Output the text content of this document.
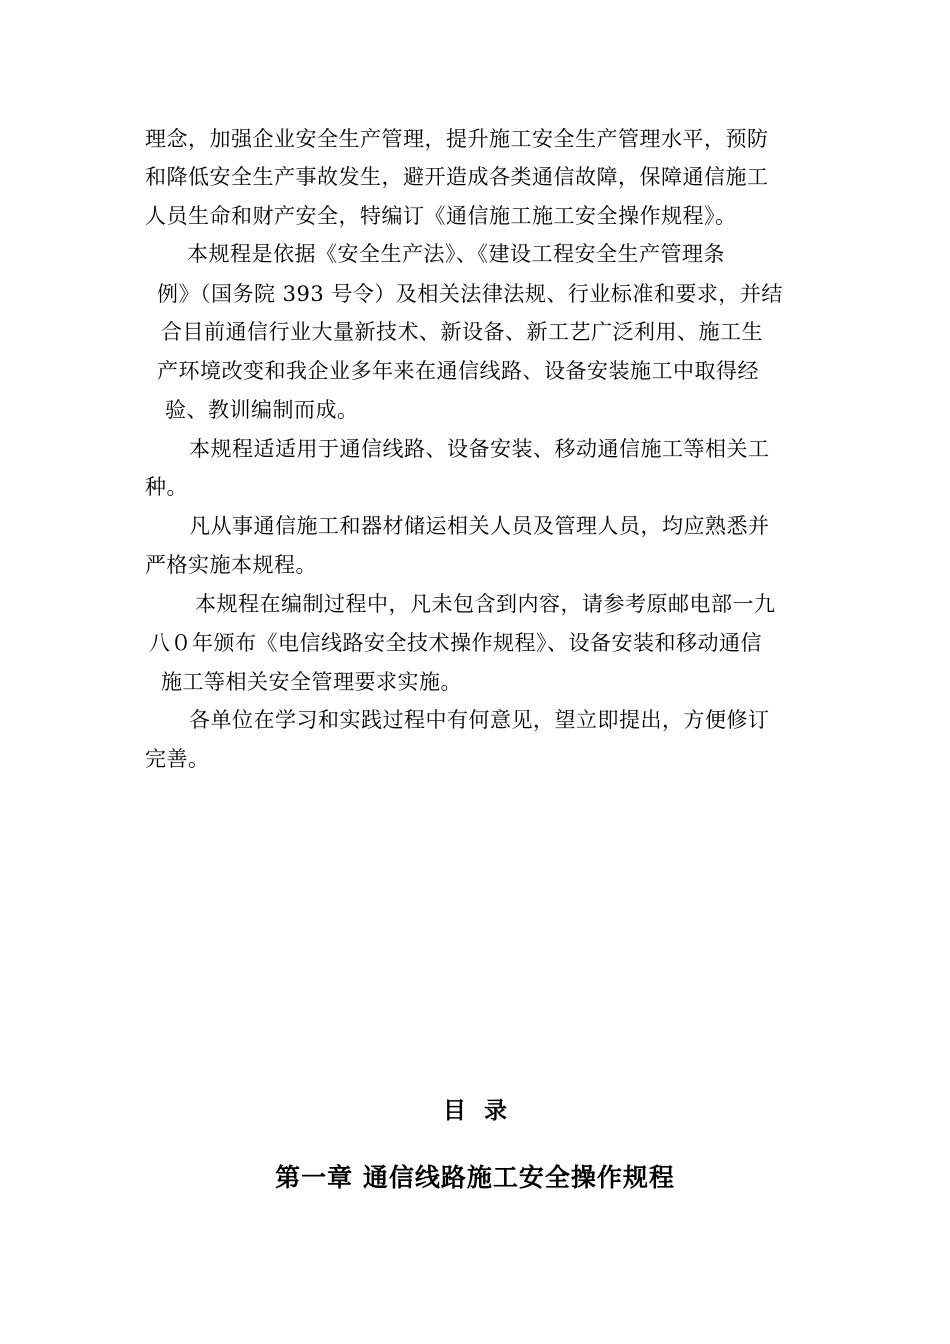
理念，加强企业安全生产管理，提升施工安全生产管理水平，预防
和降低安全生产事故发生，避开造成各类通信故障，保障通信施工
人员生命和财产安全，特编订《通信施工施工安全操作规程》。
本规程是依据《安全生产法》、《建设工程安全生产管理条
例》（国务院 393 号令）及相关法律法规、行业标准和要求，并结
合目前通信行业大量新技术、新设备、新工艺广泛利用、施工生
产环境改变和我企业多年来在通信线路、设备安装施工中取得经
验、教训编制而成。
本规程适适用于通信线路、设备安装、移动通信施工等相关工
种。
凡从事通信施工和器材储运相关人员及管理人员，均应熟悉并
严格实施本规程。
本规程在编制过程中，凡未包含到内容，请参考原邮电部一九
八０年颁布《电信线路安全技术操作规程》、设备安装和移动通信
施工等相关安全管理要求实施。
各单位在学习和实践过程中有何意见，望立即提出，方便修订
完善。
目录
第一章 通信线路施工安全操作规程
